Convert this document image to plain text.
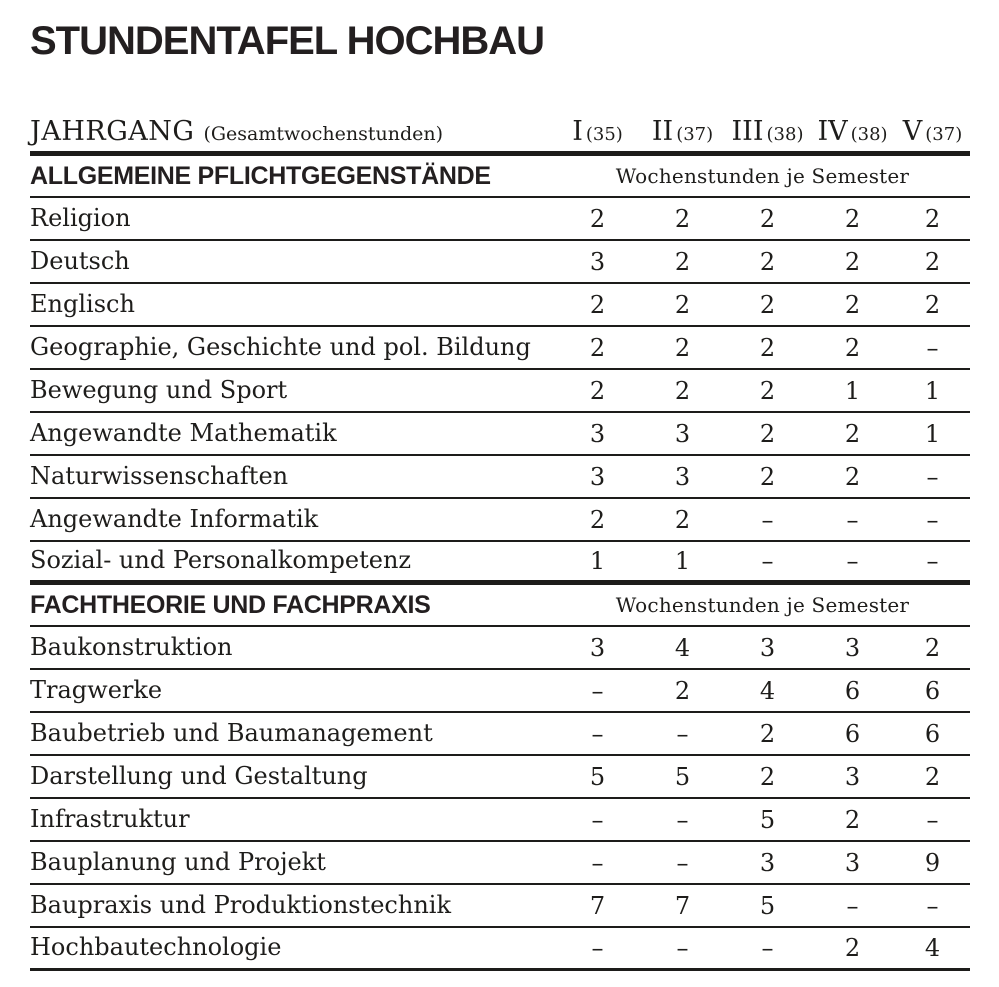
STUNDENTAFEL HOCHBAU
JAHRGANG (Gesamtwochenstunden)	I (35) II (37) III (38) IV (38) V (37)
ALLGEMEINE PFLICHTGEGENSTÄNDE	Wochenstunden je Semester
Religion	2	2	2	2	2
Deutsch	3	2	2	2	2
Englisch	2	2	2	2	2
Geographie, Geschichte und pol. Bildung	2	2	2	2	–
Bewegung und Sport	2	2	2	1	1
Angewandte Mathematik	3	3	2	2	1
Naturwissenschaften	3	3	2	2	–
Angewandte Informatik	2	2	–	–	–
Sozial- und Personalkompetenz	1	1	–	–	–
FACHTHEORIE UND FACHPRAXIS	Wochenstunden je Semester
Baukonstruktion	3	4	3	3	2
Tragwerke	–	2	4	6	6
Baubetrieb und Baumanagement	–	–	2	6	6
Darstellung und Gestaltung	5	5	2	3	2
Infrastruktur	–	–	5	2	–
Bauplanung und Projekt	–	–	3	3	9
Baupraxis und Produktionstechnik	7	7	5	–	–
Hochbautechnologie	–	–	–	2	4
